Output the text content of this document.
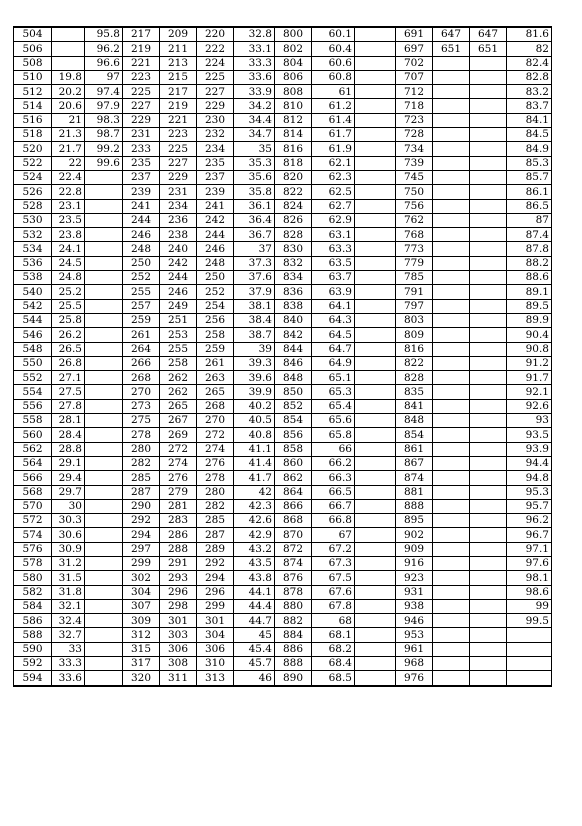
504		95.8	217	209	220	32.8	800	60.1		691	647	647	81.6
506		96.2	219	211	222	33.1	802	60.4		697	651	651	82
508		96.6	221	213	224	33.3	804	60.6		702			82.4
510	19.8	97	223	215	225	33.6	806	60.8		707			82.8
512	20.2	97.4	225	217	227	33.9	808	61		712			83.2
514	20.6	97.9	227	219	229	34.2	810	61.2		718			83.7
516	21	98.3	229	221	230	34.4	812	61.4		723			84.1
518	21.3	98.7	231	223	232	34.7	814	61.7		728			84.5
520	21.7	99.2	233	225	234	35	816	61.9		734			84.9
522	22	99.6	235	227	235	35.3	818	62.1		739			85.3
524	22.4		237	229	237	35.6	820	62.3		745			85.7
526	22.8		239	231	239	35.8	822	62.5		750			86.1
528	23.1		241	234	241	36.1	824	62.7		756			86.5
530	23.5		244	236	242	36.4	826	62.9		762			87
532	23.8		246	238	244	36.7	828	63.1		768			87.4
534	24.1		248	240	246	37	830	63.3		773			87.8
536	24.5		250	242	248	37.3	832	63.5		779			88.2
538	24.8		252	244	250	37.6	834	63.7		785			88.6
540	25.2		255	246	252	37.9	836	63.9		791			89.1
542	25.5		257	249	254	38.1	838	64.1		797			89.5
544	25.8		259	251	256	38.4	840	64.3		803			89.9
546	26.2		261	253	258	38.7	842	64.5		809			90.4
548	26.5		264	255	259	39	844	64.7		816			90.8
550	26.8		266	258	261	39.3	846	64.9		822			91.2
552	27.1		268	262	263	39.6	848	65.1		828			91.7
554	27.5		270	262	265	39.9	850	65.3		835			92.1
556	27.8		273	265	268	40.2	852	65.4		841			92.6
558	28.1		275	267	270	40.5	854	65.6		848			93
560	28.4		278	269	272	40.8	856	65.8		854			93.5
562	28.8		280	272	274	41.1	858	66		861			93.9
564	29.1		282	274	276	41.4	860	66.2		867			94.4
566	29.4		285	276	278	41.7	862	66.3		874			94.8
568	29.7		287	279	280	42	864	66.5		881			95.3
570	30		290	281	282	42.3	866	66.7		888			95.7
572	30.3		292	283	285	42.6	868	66.8		895			96.2
574	30.6		294	286	287	42.9	870	67		902			96.7
576	30.9		297	288	289	43.2	872	67.2		909			97.1
578	31.2		299	291	292	43.5	874	67.3		916			97.6
580	31.5		302	293	294	43.8	876	67.5		923			98.1
582	31.8		304	296	296	44.1	878	67.6		931			98.6
584	32.1		307	298	299	44.4	880	67.8		938			99
586	32.4		309	301	301	44.7	882	68		946			99.5
588	32.7		312	303	304	45	884	68.1		953			
590	33		315	306	306	45.4	886	68.2		961			
592	33.3		317	308	310	45.7	888	68.4		968			
594	33.6		320	311	313	46	890	68.5		976			
